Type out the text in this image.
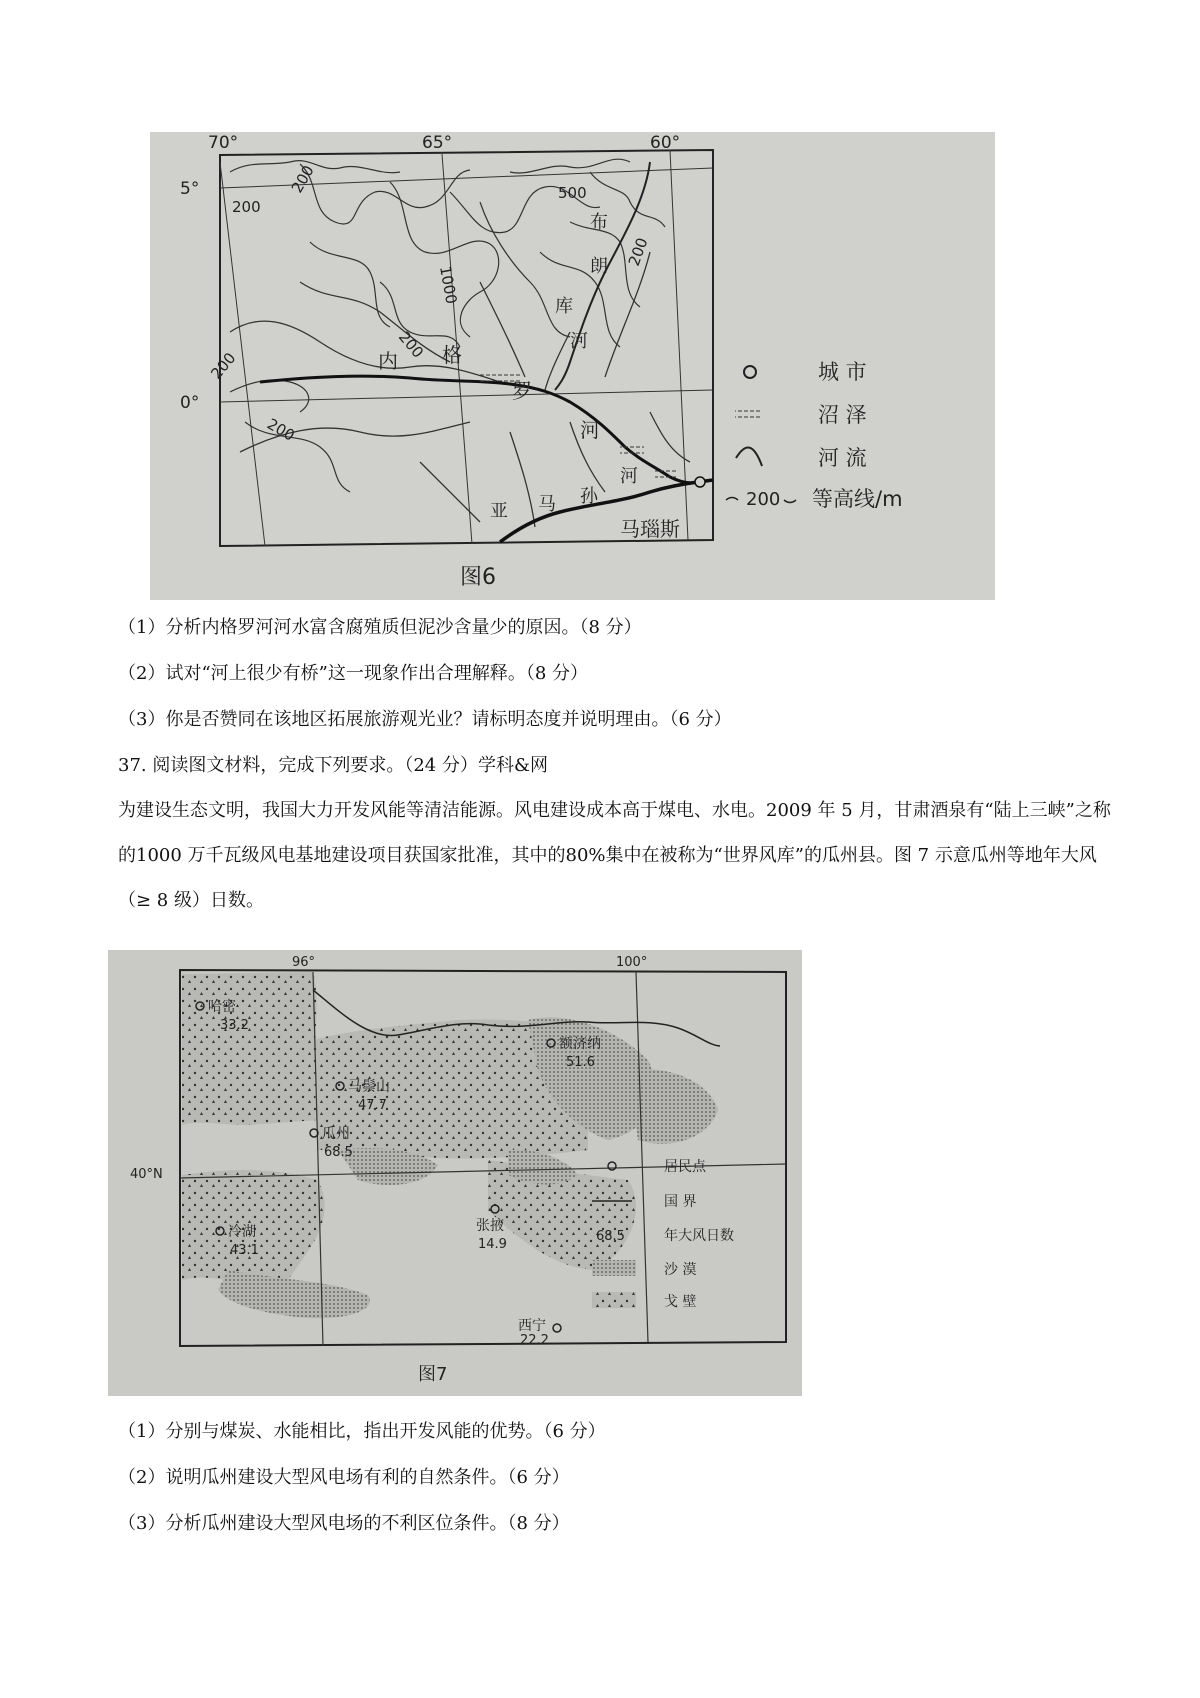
70°	65°	60°
5°
0°
200
200	500
1000
200
200
200
200
内 格
罗
河
布
朗
库
河
亚 马 孙
河
马瑙斯
城 市
沼 泽
河 流
200 等高线/m
图6
（1）分析内格罗河河水富含腐殖质但泥沙含量少的原因。（8 分）
（2）试对“河上很少有桥”这一现象作出合理解释。（8 分）
（3）你是否赞同在该地区拓展旅游观光业？请标明态度并说明理由。（6 分）
37. 阅读图文材料，完成下列要求。（24 分）学科&网
为建设生态文明，我国大力开发风能等清洁能源。风电建设成本高于煤电、水电。2009 年 5 月，甘肃酒泉有“陆上三峡”之称的1000 万千瓦级风电基地建设项目获国家批准，其中的80%集中在被称为“世界风库”的瓜州县。图 7 示意瓜州等地年大风（≥ 8 级）日数。
哈密
33.2
额济纳
51.6
马鬃山
47.7
瓜州
68.5
冷湖
43.1
张掖
14.9
西宁
22.2
96°	100°
40°N	居民点
国 界
68.5	年大风日数
沙 漠
戈 壁
图7
（1）分别与煤炭、水能相比，指出开发风能的优势。（6 分）
（2）说明瓜州建设大型风电场有利的自然条件。（6 分）
（3）分析瓜州建设大型风电场的不利区位条件。（8 分）
